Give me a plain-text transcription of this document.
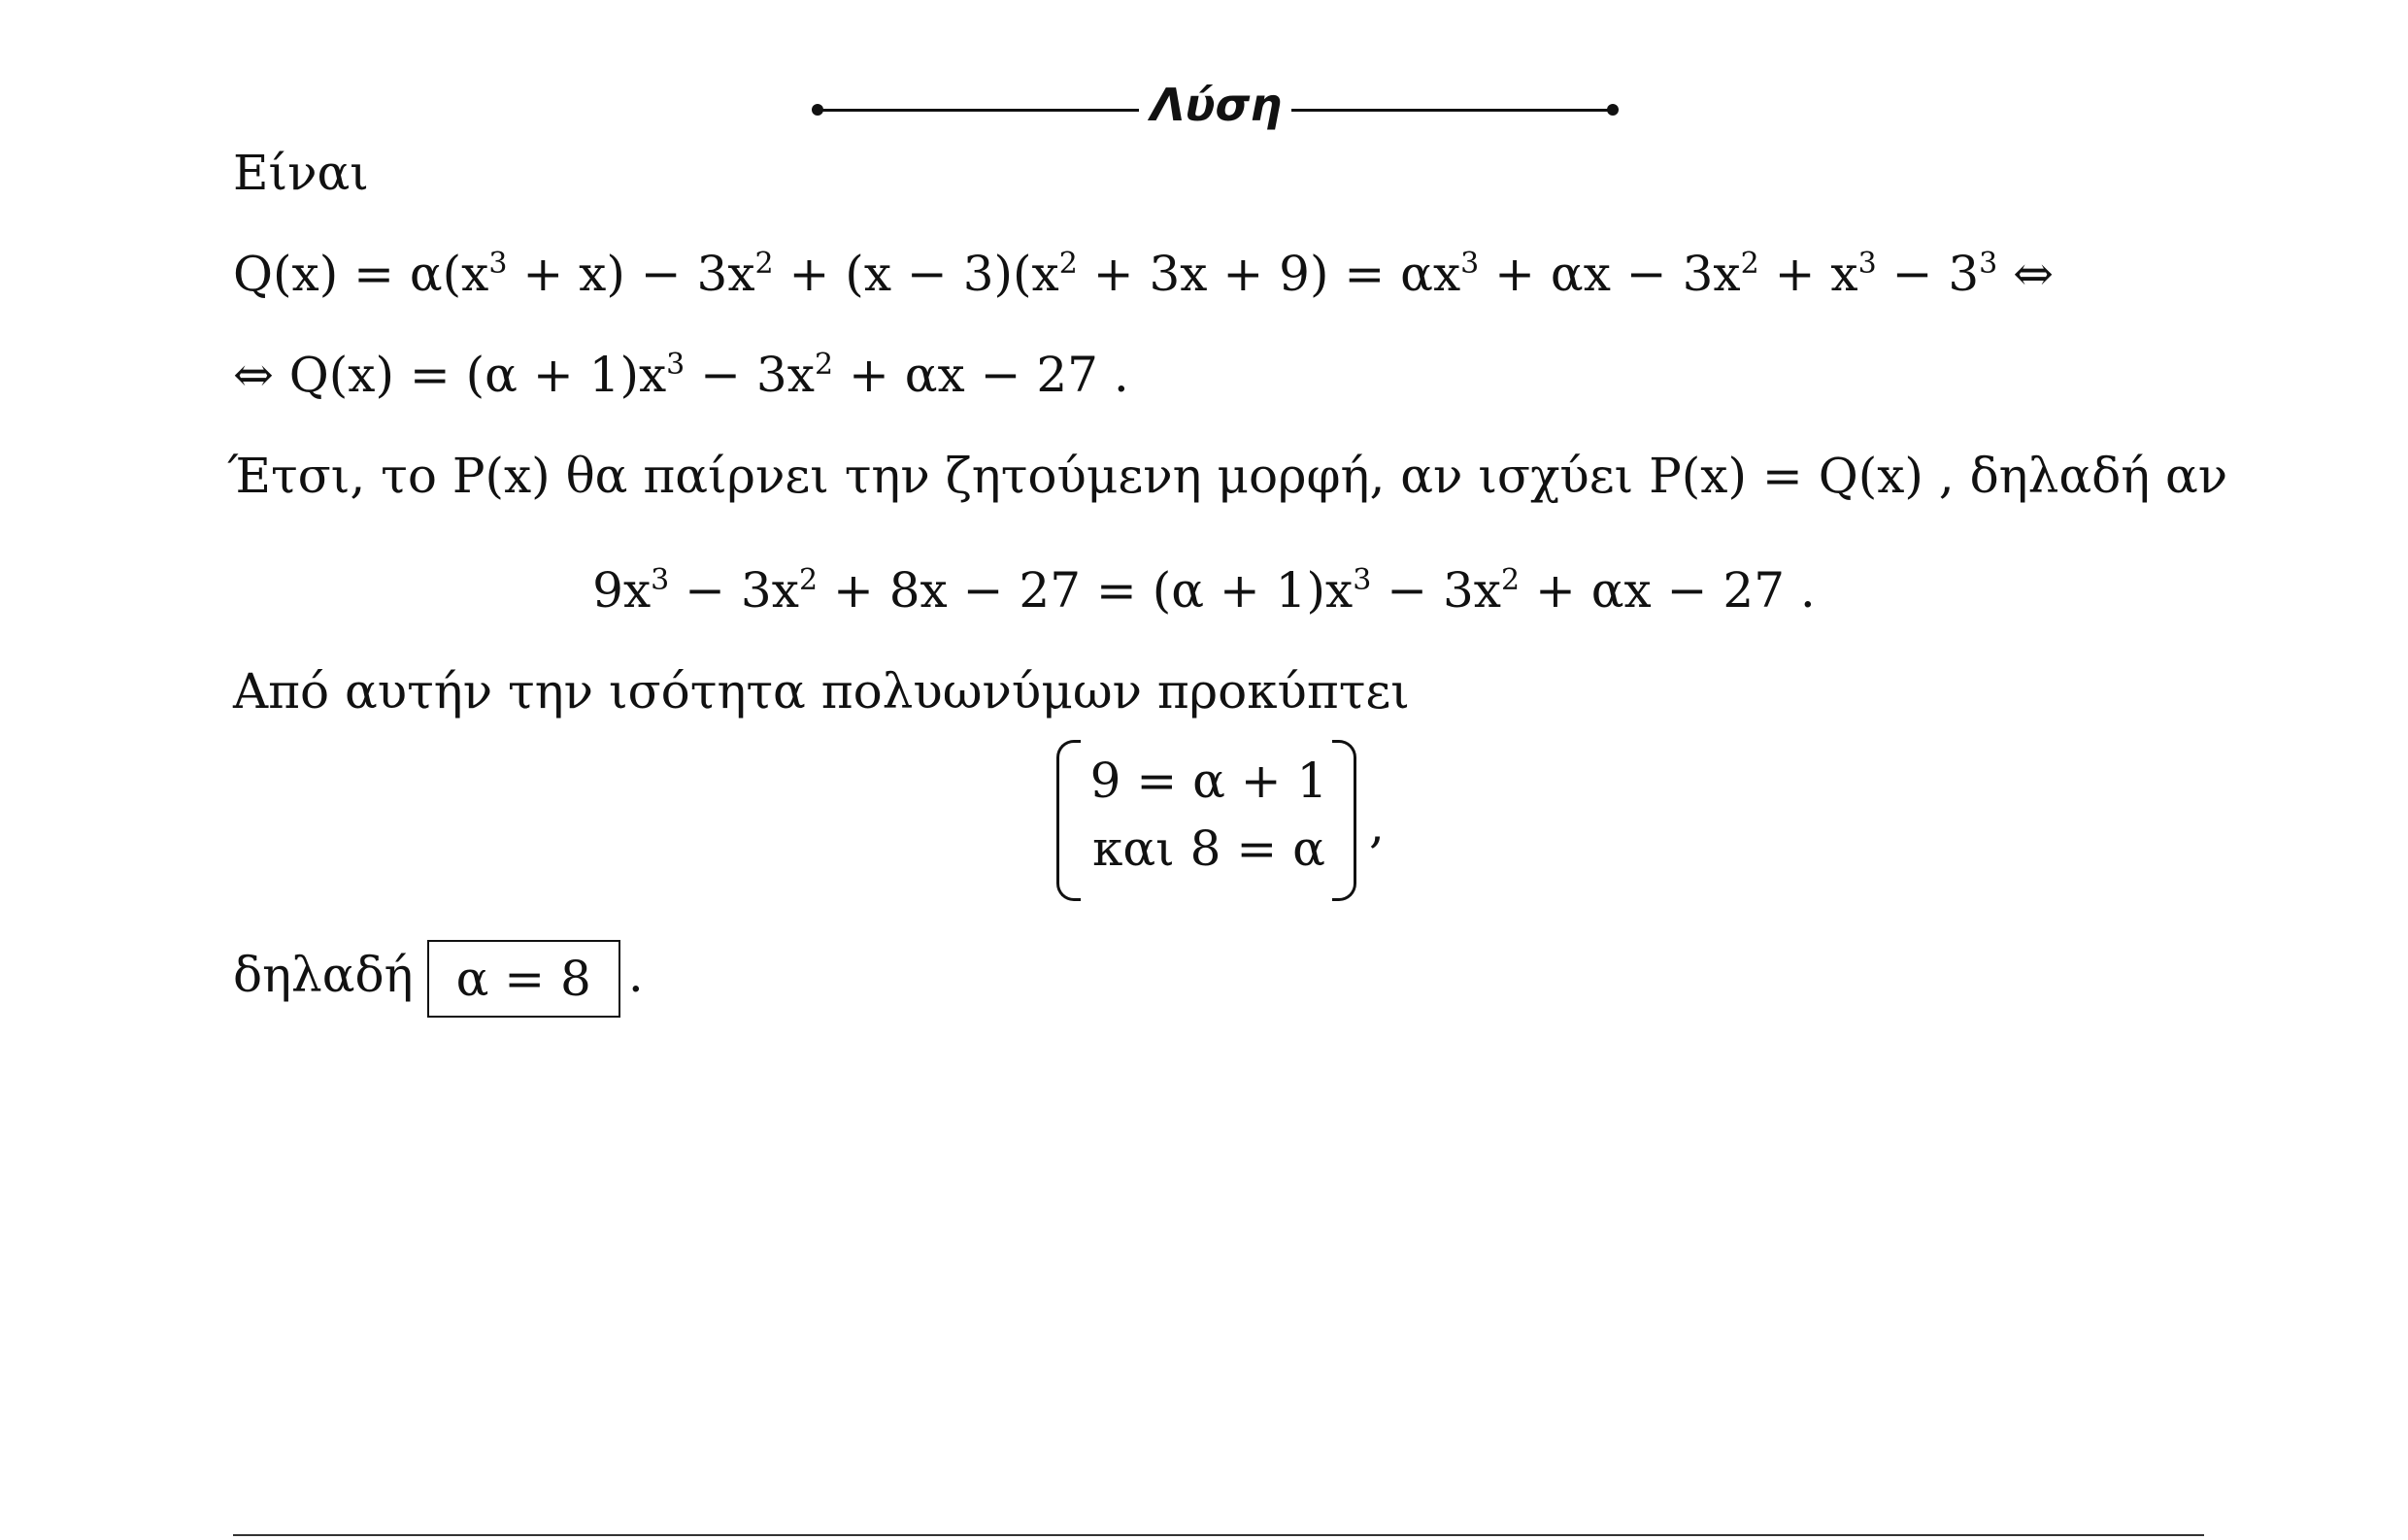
Λύση
Είναι
$Q(x) = \alpha(x^3 + x) - 3x^2 + (x - 3)(x^2 + 3x + 9) = \alpha x^3 + \alpha x - 3x^2 + x^3 - 3^3$ ⇔
⇔ $Q(x) = (\alpha + 1)x^3 - 3x^2 + \alpha x - 27$ .
Έτσι, το P(x) θα παίρνει την ζητούμενη μορφή, αν ισχύει P(x) = Q(x) , δηλαδή αν
$9x^3 - 3x^2 + 8x - 27 = (\alpha + 1)x^3 - 3x^2 + \alpha x - 27$ .
Από αυτήν την ισότητα πολυωνύμων προκύπτει
9 = α + 1
και 8 = α ,
δηλαδή α = 8 .
